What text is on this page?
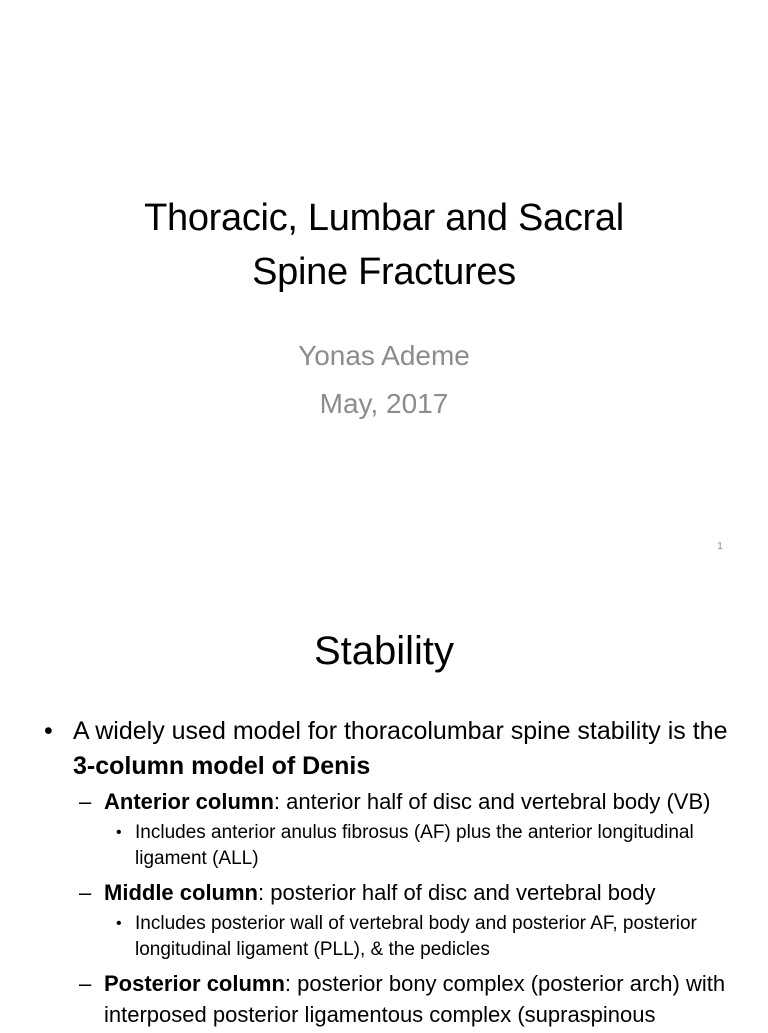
Thoracic, Lumbar and Sacral
Spine Fractures
Yonas Ademe
May, 2017
1
Stability
• A widely used model for thoracolumbar spine stability is the 3-column model of Denis
– Anterior column: anterior half of disc and vertebral body (VB)
• Includes anterior anulus fibrosus (AF) plus the anterior longitudinal ligament (ALL)
– Middle column: posterior half of disc and vertebral body
• Includes posterior wall of vertebral body and posterior AF, posterior longitudinal ligament (PLL), & the pedicles
– Posterior column: posterior bony complex (posterior arch) with interposed posterior ligamentous complex (supraspinous
